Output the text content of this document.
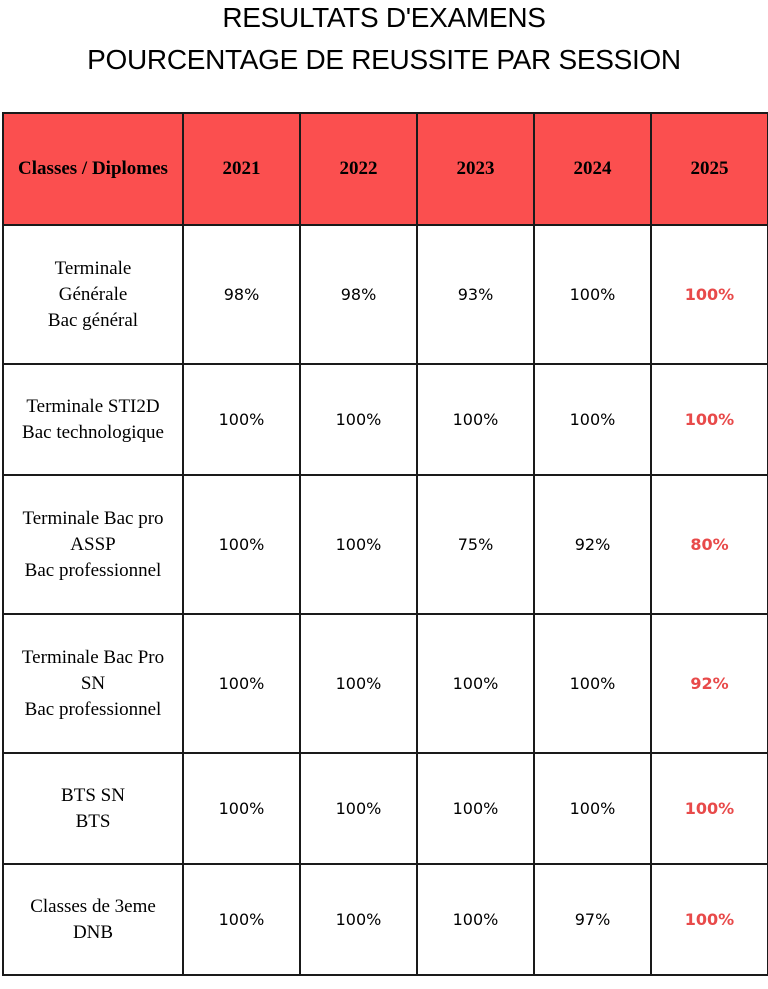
RESULTATS D'EXAMENS
POURCENTAGE DE REUSSITE PAR SESSION
Classes / Diplomes	2021	2022	2023	2024	2025

Terminale
Générale
Bac général	98%	98%	93%	100%	100%

Terminale STI2D
Bac technologique	100%	100%	100%	100%	100%

Terminale Bac pro
ASSP
Bac professionnel	100%	100%	75%	92%	80%

Terminale Bac Pro
SN
Bac professionnel	100%	100%	100%	100%	92%

BTS SN
BTS	100%	100%	100%	100%	100%

Classes de 3eme
DNB	100%	100%	100%	97%	100%
